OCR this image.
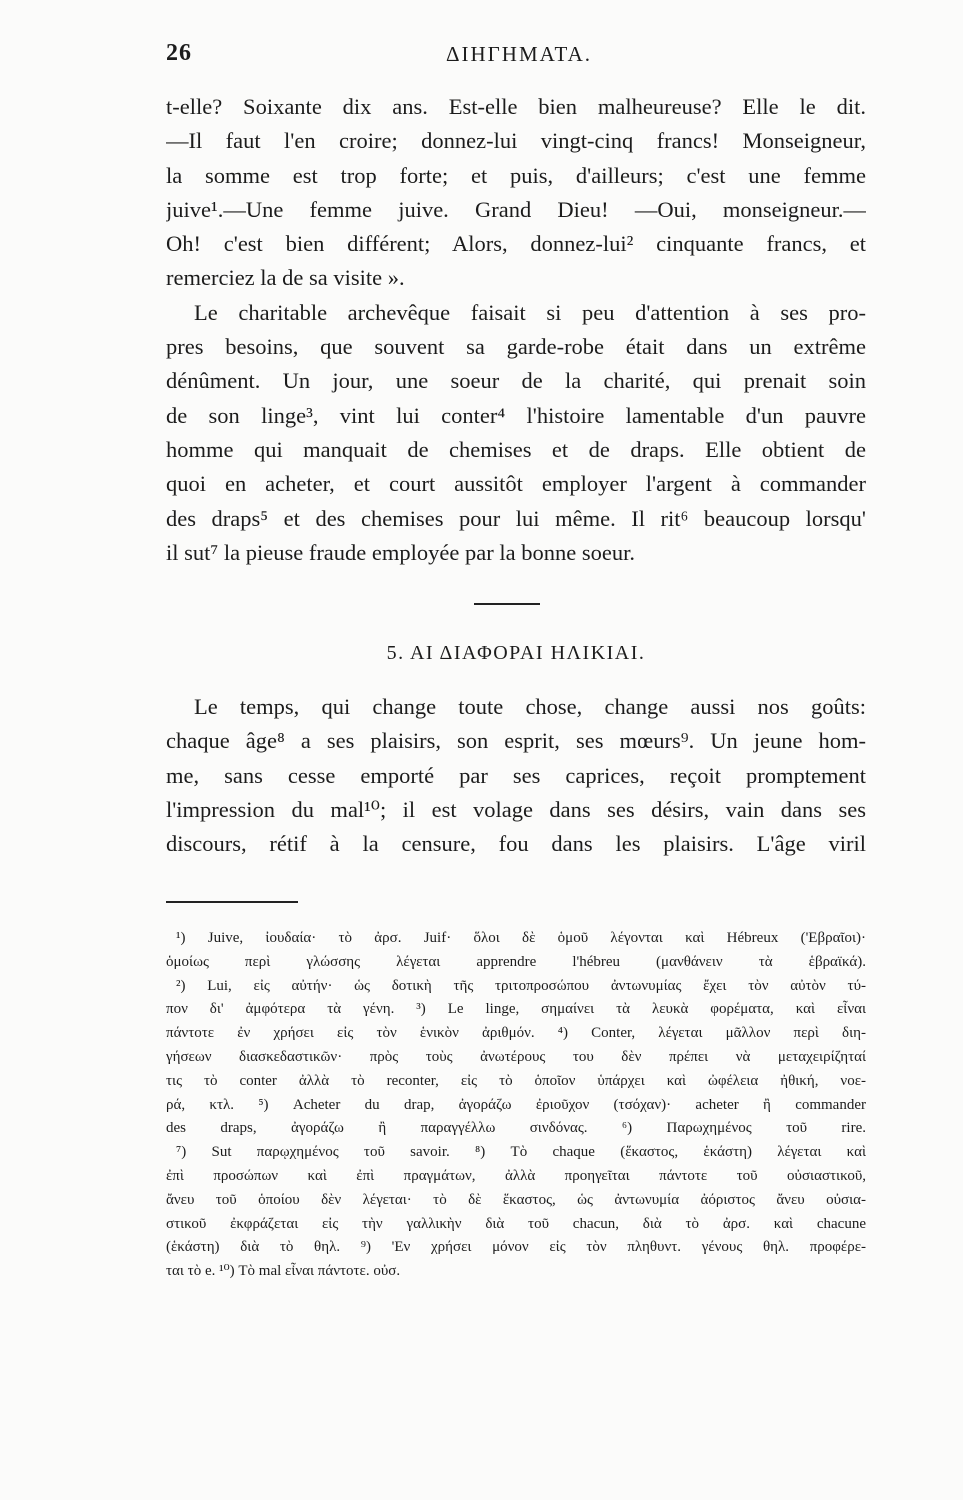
26	ΔΙΗΓΗΜΑΤΑ.
t-elle? Soixante dix ans. Est-elle bien malheureuse? Elle le dit.
—Il faut l'en croire; donnez-lui vingt-cinq francs! Monseigneur,
la somme est trop forte; et puis, d'ailleurs; c'est une femme
juive¹.—Une femme juive. Grand Dieu! —Oui, monseigneur.—
Oh! c'est bien différent; Alors, donnez-lui² cinquante francs, et
remerciez la de sa visite ».
Le charitable archevêque faisait si peu d'attention à ses pro-
pres besoins, que souvent sa garde-robe était dans un extrême
dénûment. Un jour, une soeur de la charité, qui prenait soin
de son linge³, vint lui conter⁴ l'histoire lamentable d'un pauvre
homme qui manquait de chemises et de draps. Elle obtient de
quoi en acheter, et court aussitôt employer l'argent à commander
des draps⁵ et des chemises pour lui même. Il rit⁶ beaucoup lorsqu'
il sut⁷ la pieuse fraude employée par la bonne soeur.
5. ΑΙ ΔΙΑΦΟΡΑΙ ΗΛΙΚΙΑΙ.
Le temps, qui change toute chose, change aussi nos goûts:
chaque âge⁸ a ses plaisirs, son esprit, ses mœurs⁹. Un jeune hom-
me, sans cesse emporté par ses caprices, reçoit promptement
l'impression du mal¹⁰; il est volage dans ses désirs, vain dans ses
discours, rétif à la censure, fou dans les plaisirs. L'âge viril
¹) Juive, ἰουδαία· τὸ ἀρσ. Juif· ὅλοι δὲ ὁμοῦ λέγονται καὶ Hébreux ('Εβραῖοι)·
ὁμοίως περὶ γλώσσης λέγεται apprendre l'hébreu (μανθάνειν τὰ ἑβραϊκά).
²) Lui, εἰς αὐτήν· ὡς δοτικὴ τῆς τριτοπροσώπου ἀντωνυμίας ἔχει τὸν αὐτὸν τύ-
πον δι' ἀμφότερα τὰ γένη. ³) Le linge, σημαίνει τὰ λευκὰ φορέματα, καὶ εἶναι
πάντοτε ἐν χρήσει εἰς τὸν ἑνικὸν ἀριθμόν. ⁴) Conter, λέγεται μᾶλλον περὶ διη-
γήσεων διασκεδαστικῶν· πρὸς τοὺς ἀνωτέρους του δὲν πρέπει νὰ μεταχειρίζηταί
τις τὸ conter ἀλλὰ τὸ reconter, εἰς τὸ ὁποῖον ὑπάρχει καὶ ὠφέλεια ἠθική, νοε-
ρά, κτλ. ⁵) Acheter du drap, ἀγοράζω ἐριοῦχον (τσόχαν)· acheter ἢ commander
des draps, ἀγοράζω ἢ παραγγέλλω σινδόνας. ⁶) Παρωχημένος τοῦ rire.
⁷) Sut παρῳχημένος τοῦ savoir. ⁸) Τὸ chaque (ἕκαστος, ἑκάστη) λέγεται καὶ
ἐπὶ προσώπων καὶ ἐπὶ πραγμάτων, ἀλλὰ προηγεῖται πάντοτε τοῦ οὐσιαστικοῦ,
ἄνευ τοῦ ὁποίου δὲν λέγεται· τὸ δὲ ἕκαστος, ὡς ἀντωνυμία ἀόριστος ἄνευ οὐσια-
στικοῦ ἐκφράζεται εἰς τὴν γαλλικὴν διὰ τοῦ chacun, διὰ τὸ ἀρσ. καὶ chacune
(ἑκάστη) διὰ τὸ θηλ. ⁹) 'Εν χρήσει μόνον εἰς τὸν πληθυντ. γένους θηλ. προφέρε-
ται τὸ e. ¹⁰) Τὸ mal εἶναι πάντοτε. οὐσ.
